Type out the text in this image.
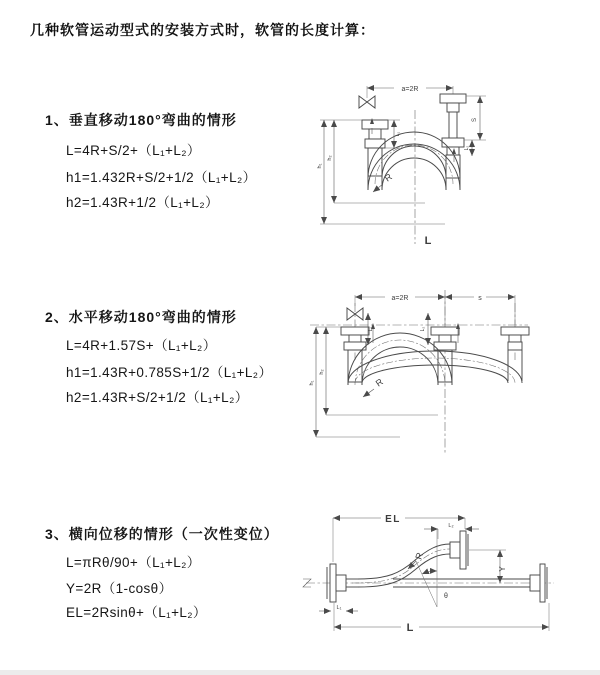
几种软管运动型式的安装方式时，软管的长度计算：
1、垂直移动180°弯曲的情形
L=4R+S/2+（L₁+L₂）
h1=1.432R+S/2+1/2（L₁+L₂）
h2=1.43R+1/2（L₁+L₂）
2、水平移动180°弯曲的情形
L=4R+1.57S+（L₁+L₂）
h1=1.43R+0.785S+1/2（L₁+L₂）
h2=1.43R+S/2+1/2（L₁+L₂）
3、横向位移的情形（一次性变位）
L=πRθ/90+（L₁+L₂）
Y=2R（1-cosθ）
EL=2Rsinθ+（L₁+L₂）
a=2R
h₁
h₂
S
L₂
L₁
R
L
a=2R	s
h₁
h₂
L₁	L₂
R
EL
L₂
θ
R
Y
L
L₁
